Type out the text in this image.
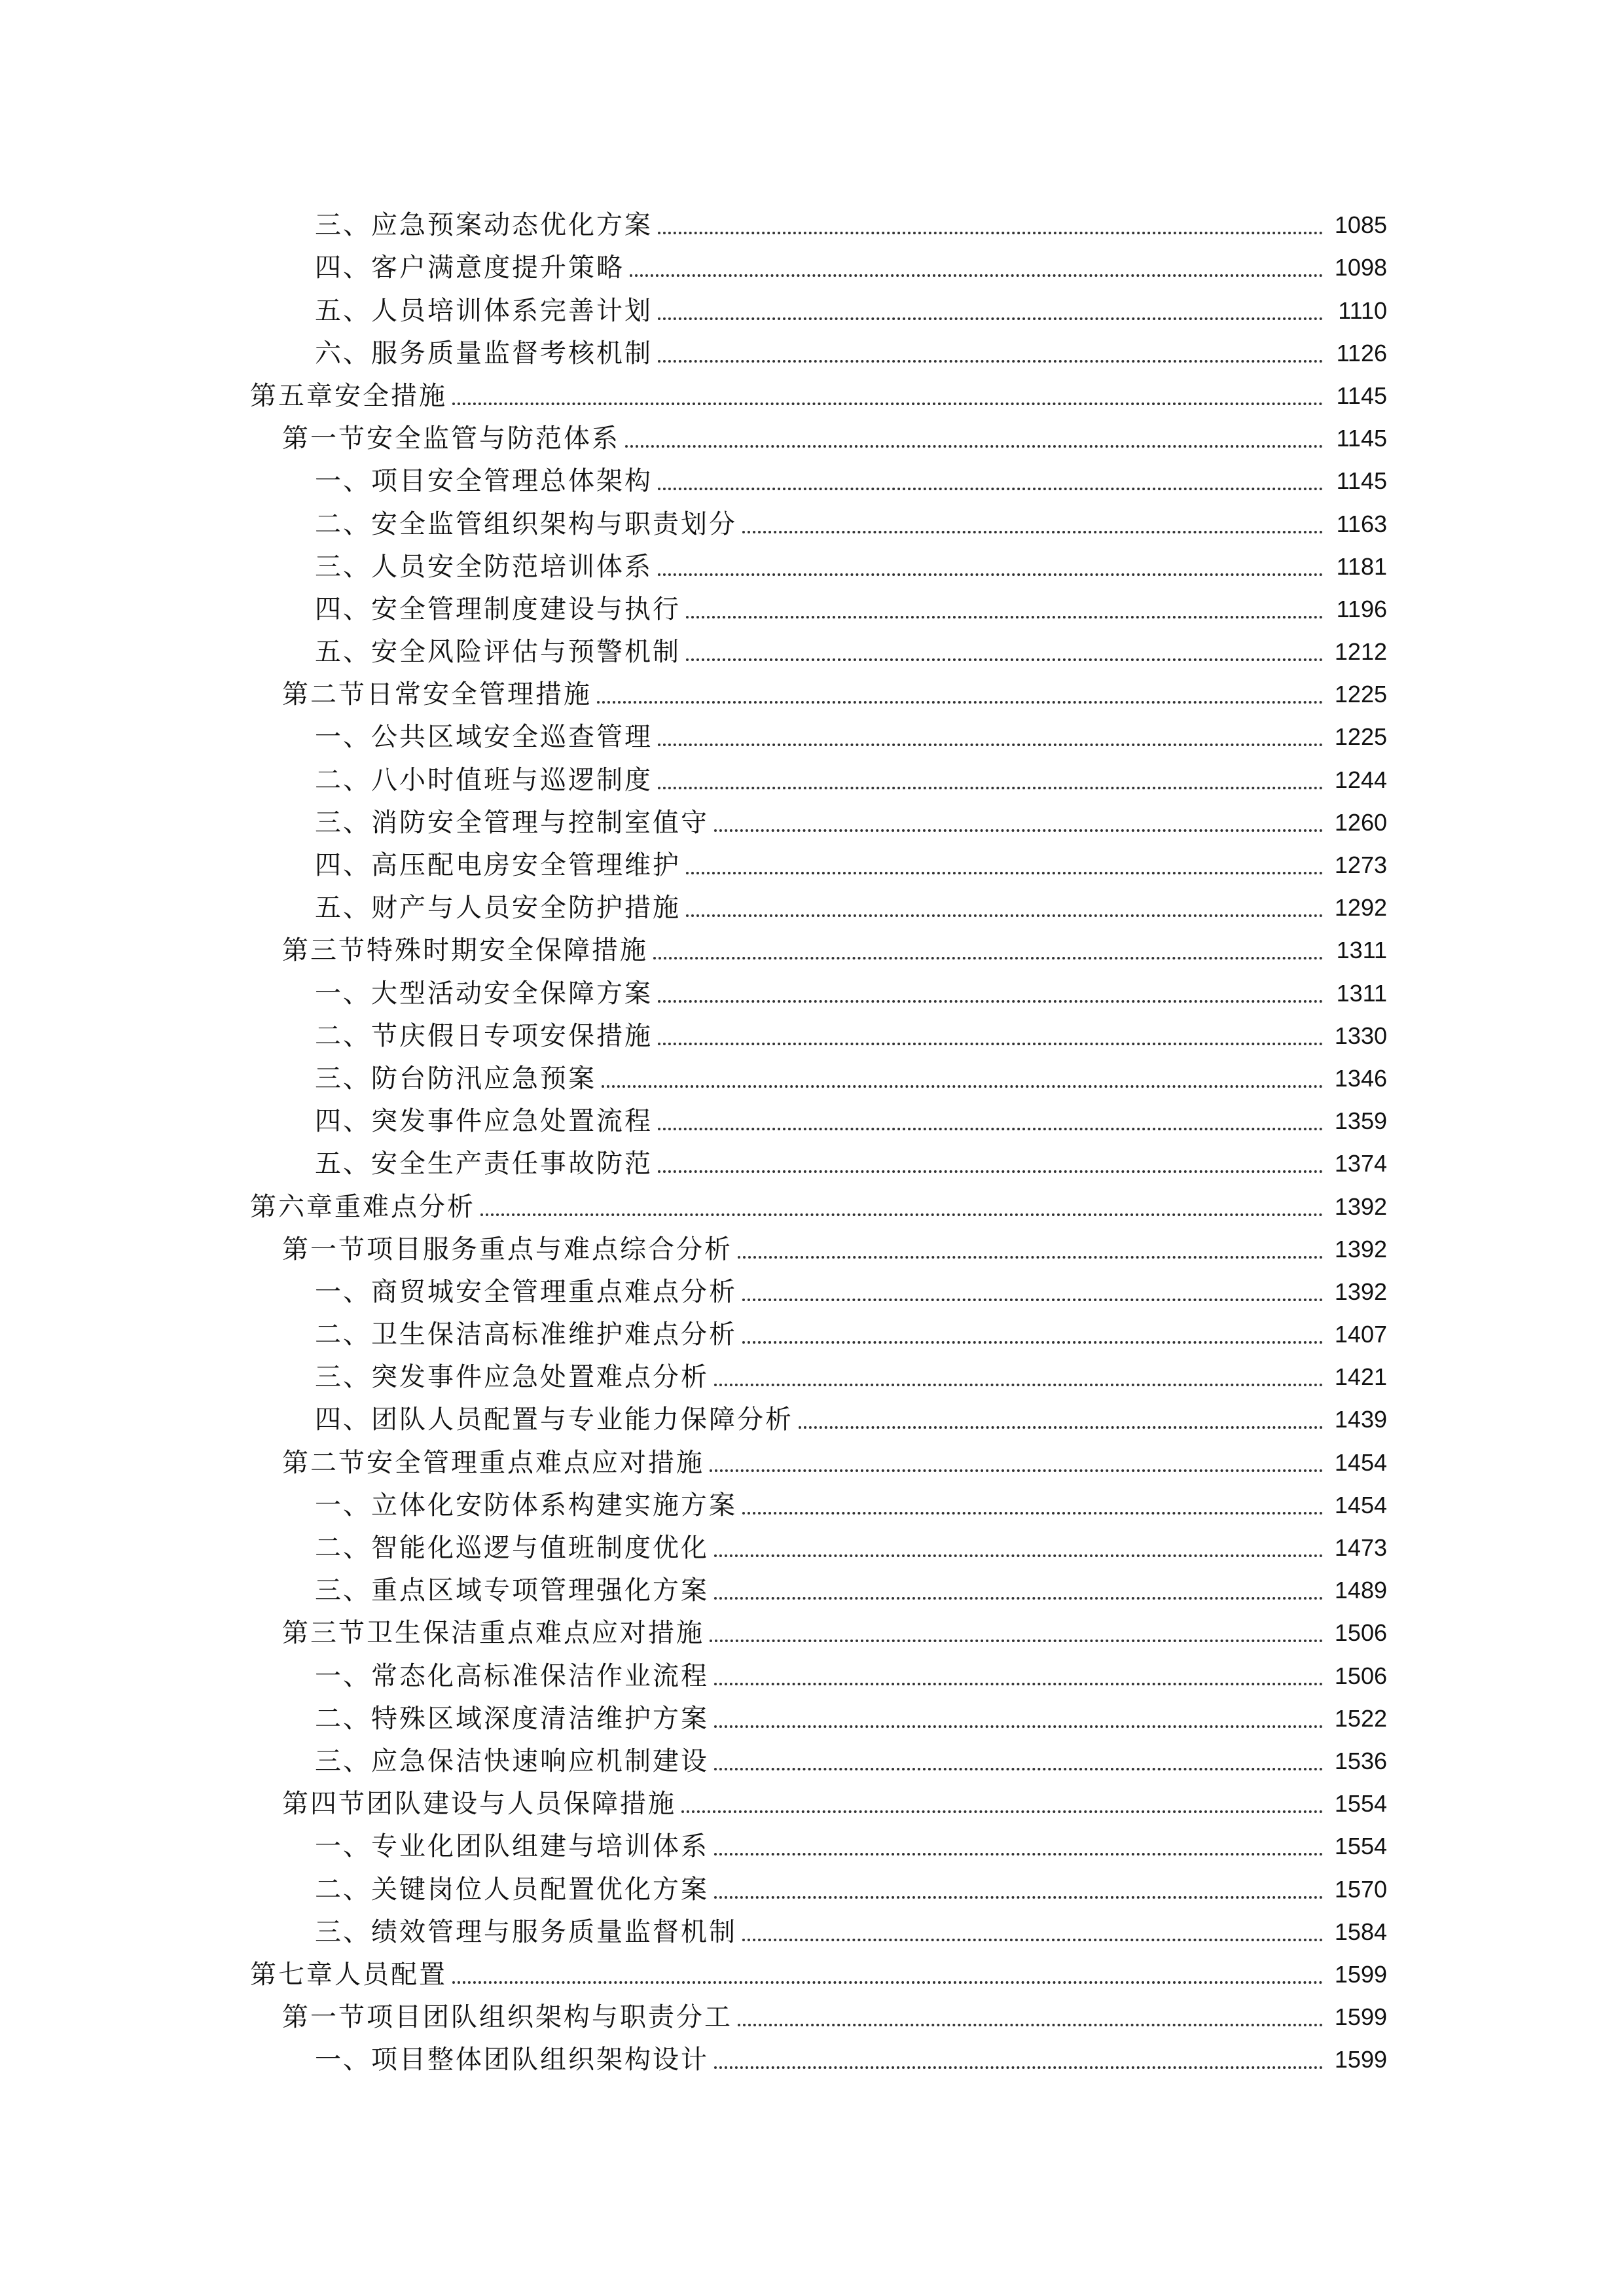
三、应急预案动态优化方案	1085
四、客户满意度提升策略	1098
五、人员培训体系完善计划	1110
六、服务质量监督考核机制	1126
第五章安全措施	1145
第一节安全监管与防范体系	1145
一、项目安全管理总体架构	1145
二、安全监管组织架构与职责划分	1163
三、人员安全防范培训体系	1181
四、安全管理制度建设与执行	1196
五、安全风险评估与预警机制	1212
第二节日常安全管理措施	1225
一、公共区域安全巡查管理	1225
二、八小时值班与巡逻制度	1244
三、消防安全管理与控制室值守	1260
四、高压配电房安全管理维护	1273
五、财产与人员安全防护措施	1292
第三节特殊时期安全保障措施	1311
一、大型活动安全保障方案	1311
二、节庆假日专项安保措施	1330
三、防台防汛应急预案	1346
四、突发事件应急处置流程	1359
五、安全生产责任事故防范	1374
第六章重难点分析	1392
第一节项目服务重点与难点综合分析	1392
一、商贸城安全管理重点难点分析	1392
二、卫生保洁高标准维护难点分析	1407
三、突发事件应急处置难点分析	1421
四、团队人员配置与专业能力保障分析	1439
第二节安全管理重点难点应对措施	1454
一、立体化安防体系构建实施方案	1454
二、智能化巡逻与值班制度优化	1473
三、重点区域专项管理强化方案	1489
第三节卫生保洁重点难点应对措施	1506
一、常态化高标准保洁作业流程	1506
二、特殊区域深度清洁维护方案	1522
三、应急保洁快速响应机制建设	1536
第四节团队建设与人员保障措施	1554
一、专业化团队组建与培训体系	1554
二、关键岗位人员配置优化方案	1570
三、绩效管理与服务质量监督机制	1584
第七章人员配置	1599
第一节项目团队组织架构与职责分工	1599
一、项目整体团队组织架构设计	1599
